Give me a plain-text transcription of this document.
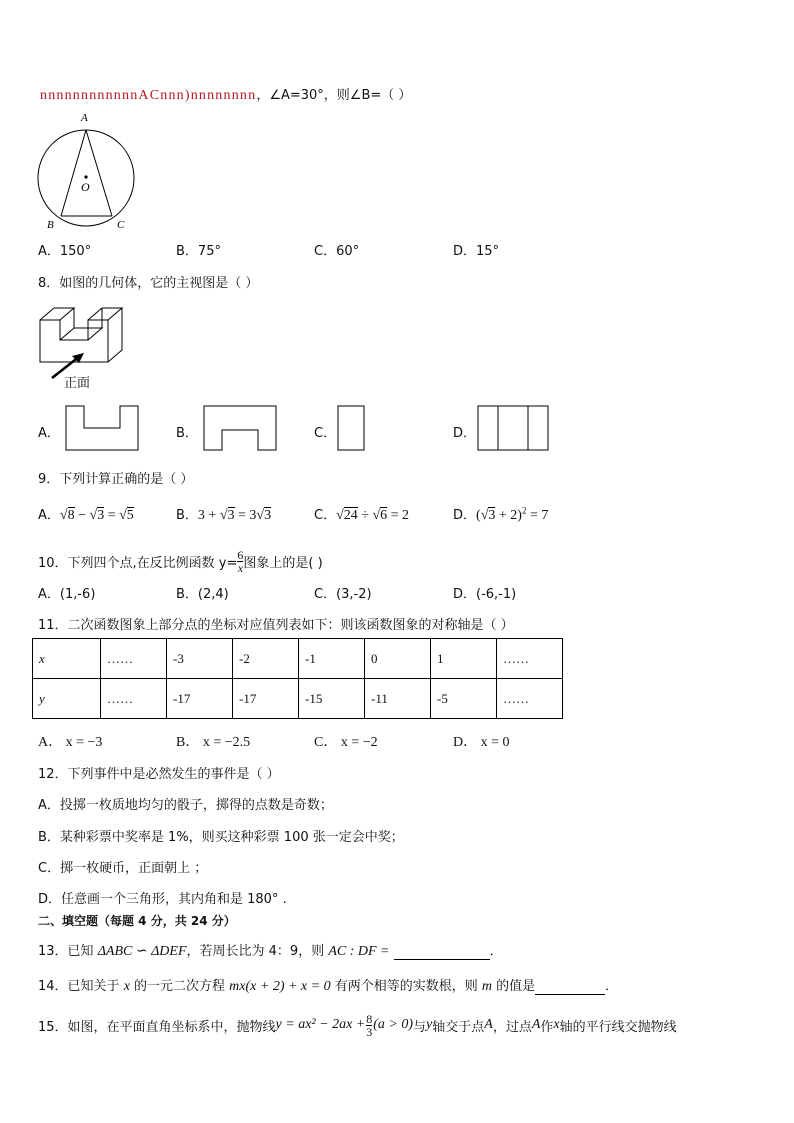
nnnnnnnnnnnnACnnn)nnnnnnnn，∠A=30°，则∠B=（ ）
A
O
B	C
A．150°	B．75°	C．60°	D．15°
8．如图的几何体，它的主视图是（ ）
正面
A．	B．	C．	D．
9．下列计算正确的是（ ）
A．√8 − √3 = √5	B．3 + √3 = 3√3	C．√24 ÷ √6 = 2	D．$(√3 + 2)^2 = 7$
10．下列四个点,在反比例函数 $y= \frac{6}{x}$ 图象上的是( )
A．(1,-6)	B．(2,4)	C．(3,-2)	D．(-6,-1)
11．二次函数图象上部分点的坐标对应值列表如下：则该函数图象的对称轴是（ ）
x	……	-3	-2	-1	0	1	……
y	……	-17	-17	-15	-11	-5	……
A． x = −3	B． x = −2.5	C． x = −2	D． x = 0
12．下列事件中是必然发生的事件是（ ）
A．投掷一枚质地均匀的骰子，掷得的点数是奇数；
B．某种彩票中奖率是 1%，则买这种彩票 100 张一定会中奖；
C．掷一枚硬币，正面朝上 ；
D．任意画一个三角形，其内角和是 180° .
二、填空题（每题 4 分，共 24 分）
13．已知 ΔABC ∽ ΔDEF，若周长比为 4：9，则 AC : DF =	．
14．已知关于 x 的一元二次方程 mx(x + 2) + x = 0 有两个相等的实数根，则 m 的值是	．
15．如图，在平面直角坐标系中，抛物线 $y = ax^2 - 2ax + \frac{8}{3} (a > 0)$ 与 y 轴交于点 A ，过点 A 作 x 轴的平行线交抛物线
